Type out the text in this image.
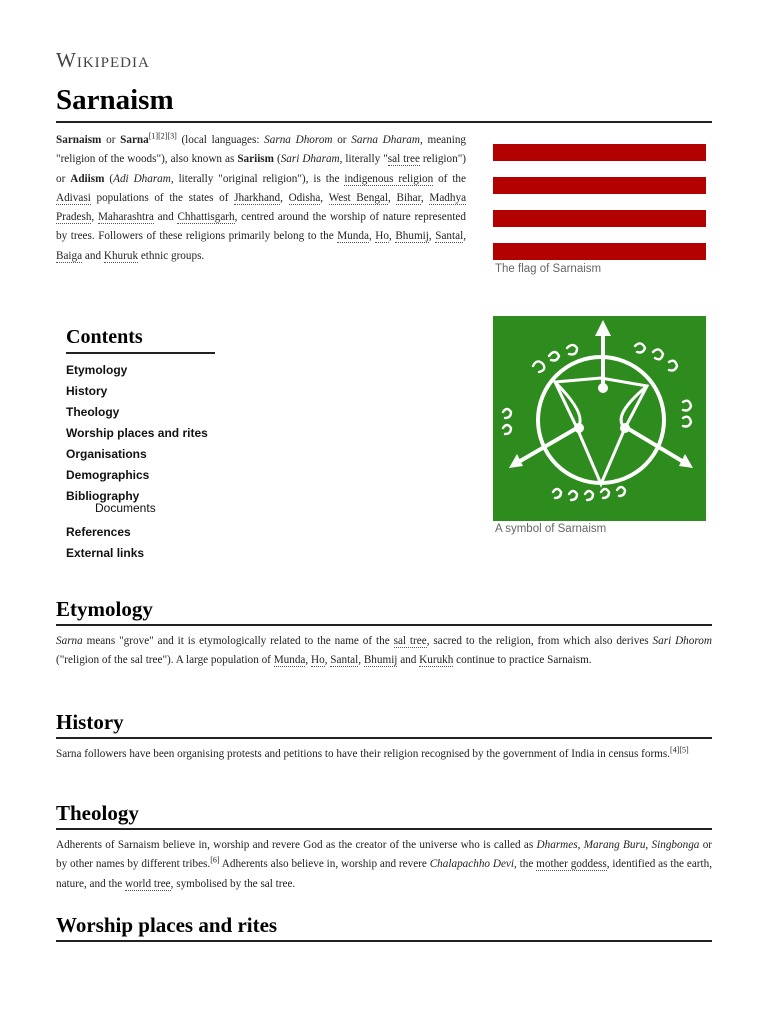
Wikipedia
Sarnaism

Sarnaism or Sarna[1][2][3] (local languages: Sarna Dhorom or Sarna Dharam, meaning "religion of the woods"), also known as Sariism (Sari Dharam, literally "sal tree religion") or Adiism (Adi Dharam, literally "original religion"), is the indigenous religion of the Adivasi populations of the states of Jharkhand, Odisha, West Bengal, Bihar, Madhya Pradesh, Maharashtra and Chhattisgarh, centred around the worship of nature represented by trees. Followers of these religions primarily belong to the Munda, Ho, Bhumij, Santal, Baiga and Khuruk ethnic groups.

The flag of Sarnaism
A symbol of Sarnaism
Contents
Etymology
History
Theology
Worship places and rites
Organisations
Demographics
Bibliography
Documents
References
External links
Etymology

Sarna means "grove" and it is etymologically related to the name of the sal tree, sacred to the religion, from which also derives Sari Dhorom ("religion of the sal tree"). A large population of Munda, Ho, Santal, Bhumij and Kurukh continue to practice Sarnaism.

History

Sarna followers have been organising protests and petitions to have their religion recognised by the government of India in census forms.[4][5]

Theology

Adherents of Sarnaism believe in, worship and revere God as the creator of the universe who is called as Dharmes, Marang Buru, Singbonga or by other names by different tribes.[6] Adherents also believe in, worship and revere Chalapachho Devi, the mother goddess, identified as the earth, nature, and the world tree, symbolised by the sal tree.

Worship places and rites
